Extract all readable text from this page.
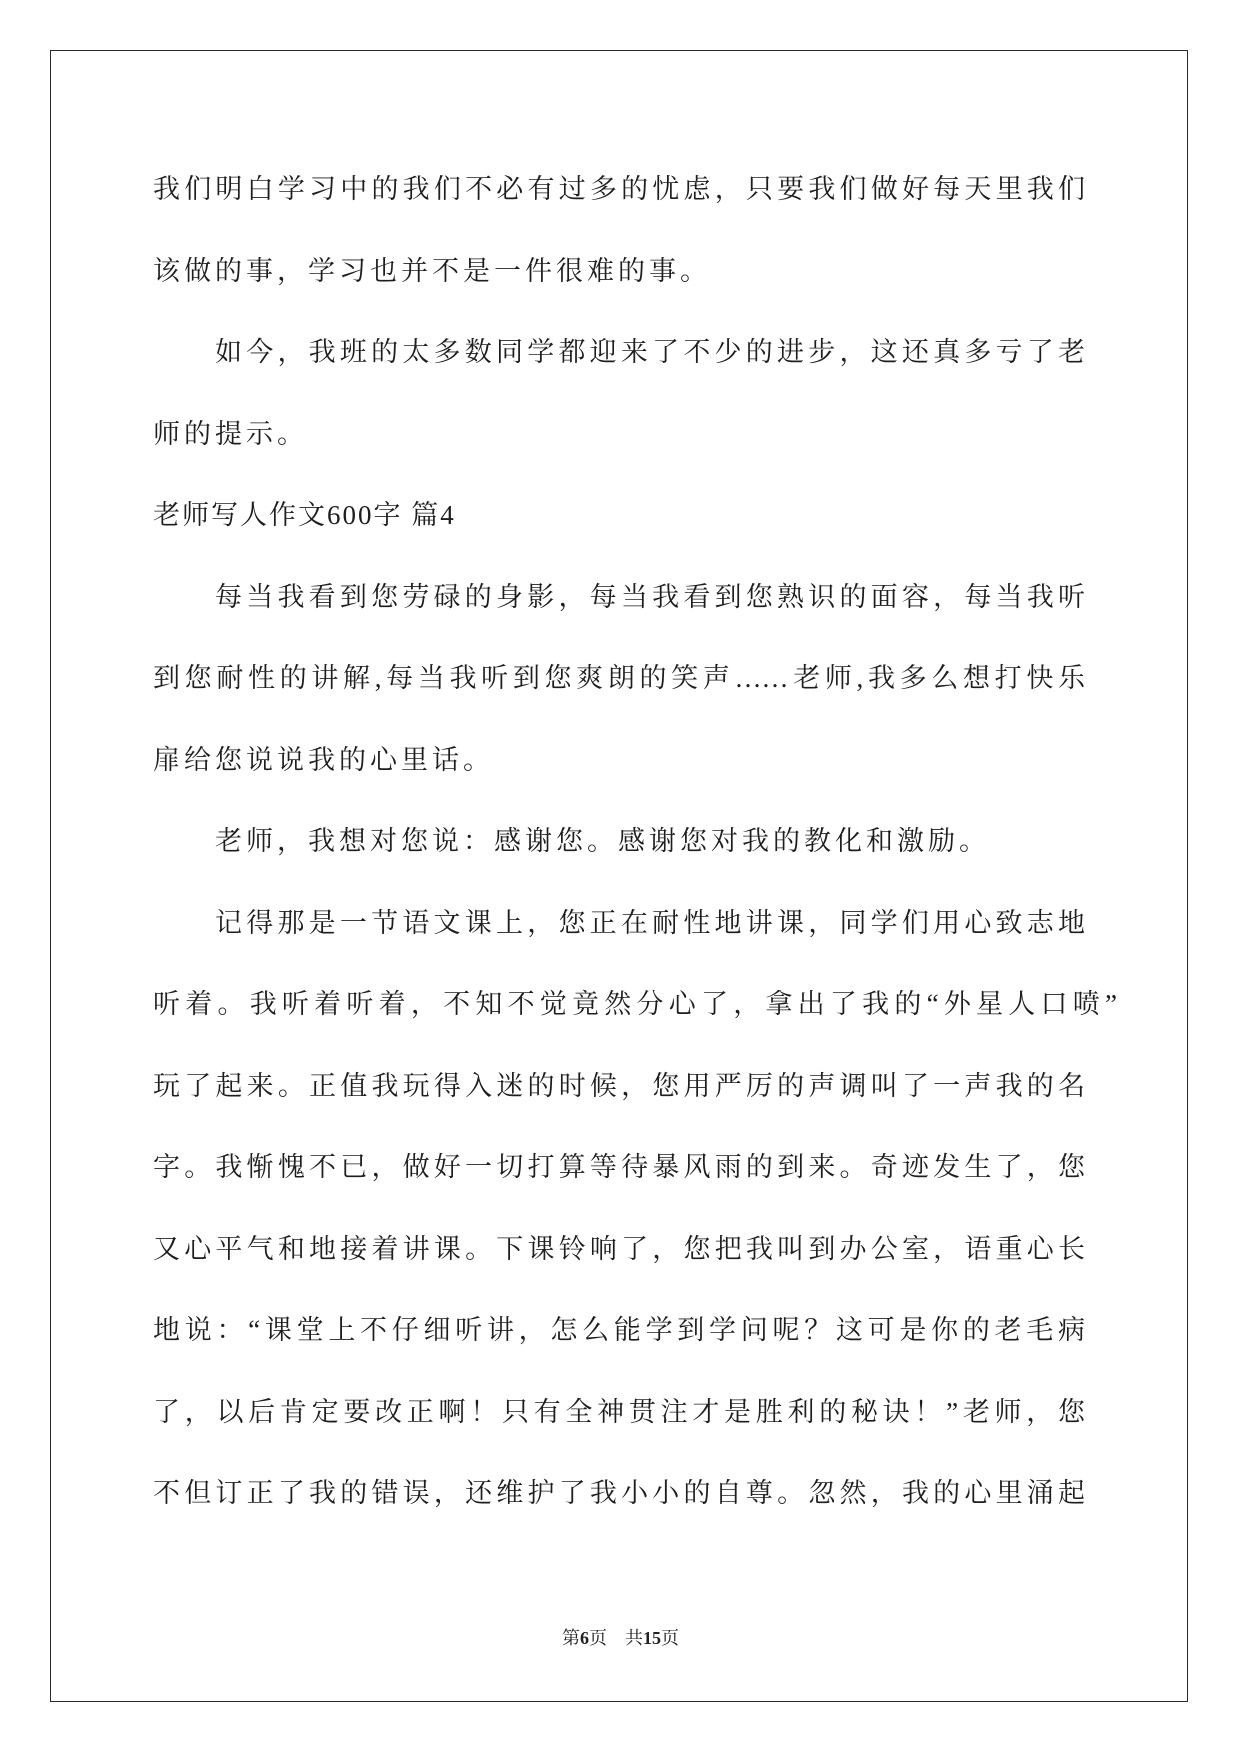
我们明白学习中的我们不必有过多的忧虑，只要我们做好每天里我们
该做的事，学习也并不是一件很难的事。
如今，我班的太多数同学都迎来了不少的进步，这还真多亏了老
师的提示。
老师写人作文600字 篇4
每当我看到您劳碌的身影，每当我看到您熟识的面容，每当我听
到您耐性的讲解,每当我听到您爽朗的笑声……老师,我多么想打快乐
扉给您说说我的心里话。
老师，我想对您说：感谢您。感谢您对我的教化和激励。
记得那是一节语文课上，您正在耐性地讲课，同学们用心致志地
听着。我听着听着，不知不觉竟然分心了，拿出了我的“外星人口喷”
玩了起来。正值我玩得入迷的时候，您用严厉的声调叫了一声我的名
字。我惭愧不已，做好一切打算等待暴风雨的到来。奇迹发生了，您
又心平气和地接着讲课。下课铃响了，您把我叫到办公室，语重心长
地说：“课堂上不仔细听讲，怎么能学到学问呢？这可是你的老毛病
了，以后肯定要改正啊！只有全神贯注才是胜利的秘诀！”老师，您
不但订正了我的错误，还维护了我小小的自尊。忽然，我的心里涌起
第6页 共15页
